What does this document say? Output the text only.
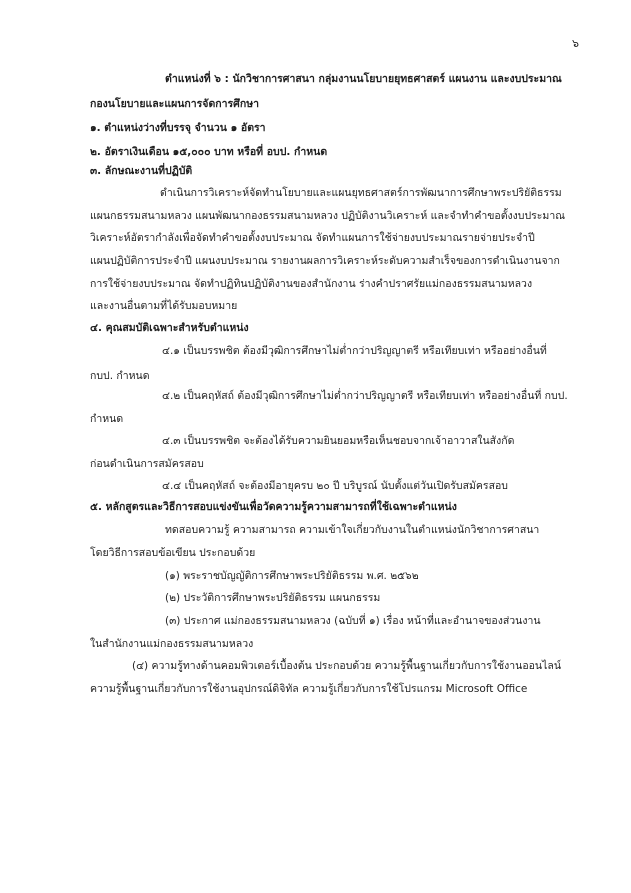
๖
ตำแหน่งที่ ๖ : นักวิชาการศาสนา กลุ่มงานนโยบายยุทธศาสตร์ แผนงาน และงบประมาณ
กองนโยบายและแผนการจัดการศึกษา
๑. ตำแหน่งว่างที่บรรจุ จำนวน ๑ อัตรา
๒. อัตราเงินเดือน ๑๕,๐๐๐ บาท หรือที่ อบป. กำหนด
๓. ลักษณะงานที่ปฏิบัติ
ดำเนินการวิเคราะห์จัดทำนโยบายและแผนยุทธศาสตร์การพัฒนาการศึกษาพระปริยัติธรรม
แผนกธรรมสนามหลวง แผนพัฒนากองธรรมสนามหลวง ปฏิบัติงานวิเคราะห์ และจำทำคำขอตั้งงบประมาณ
วิเคราะห์อัตรากำลังเพื่อจัดทำคำขอตั้งงบประมาณ จัดทำแผนการใช้จ่ายงบประมาณรายจ่ายประจำปี
แผนปฏิบัติการประจำปี แผนงบประมาณ รายงานผลการวิเคราะห์ระดับความสำเร็จของการดำเนินงานจาก
การใช้จ่ายงบประมาณ จัดทำปฏิทินปฏิบัติงานของสำนักงาน ร่างคำปราศรัยแม่กองธรรมสนามหลวง
และงานอื่นตามที่ได้รับมอบหมาย
๔. คุณสมบัติเฉพาะสำหรับตำแหน่ง
๔.๑ เป็นบรรพชิต ต้องมีวุฒิการศึกษาไม่ต่ำกว่าปริญญาตรี หรือเทียบเท่า หรืออย่างอื่นที่
กบป. กำหนด
๔.๒ เป็นคฤหัสถ์ ต้องมีวุฒิการศึกษาไม่ต่ำกว่าปริญญาตรี หรือเทียบเท่า หรืออย่างอื่นที่ กบป.
กำหนด
๔.๓ เป็นบรรพชิต จะต้องได้รับความยินยอมหรือเห็นชอบจากเจ้าอาวาสในสังกัด
ก่อนดำเนินการสมัครสอบ
๔.๔ เป็นคฤหัสถ์ จะต้องมีอายุครบ ๒๐ ปี บริบูรณ์ นับตั้งแต่วันเปิดรับสมัครสอบ
๕. หลักสูตรและวิธีการสอบแข่งขันเพื่อวัดความรู้ความสามารถที่ใช้เฉพาะตำแหน่ง
ทดสอบความรู้ ความสามารถ ความเข้าใจเกี่ยวกับงานในตำแหน่งนักวิชาการศาสนา
โดยวิธีการสอบข้อเขียน ประกอบด้วย
(๑) พระราชบัญญัติการศึกษาพระปริยัติธรรม พ.ศ. ๒๕๖๒
(๒) ประวัติการศึกษาพระปริยัติธรรม แผนกธรรม
(๓) ประกาศ แม่กองธรรมสนามหลวง (ฉบับที่ ๑) เรื่อง หน้าที่และอำนาจของส่วนงาน
ในสำนักงานแม่กองธรรมสนามหลวง
(๔) ความรู้ทางด้านคอมพิวเตอร์เบื้องต้น ประกอบด้วย ความรู้พื้นฐานเกี่ยวกับการใช้งานออนไลน์
ความรู้พื้นฐานเกี่ยวกับการใช้งานอุปกรณ์ดิจิทัล ความรู้เกี่ยวกับการใช้โปรแกรม Microsoft Office
